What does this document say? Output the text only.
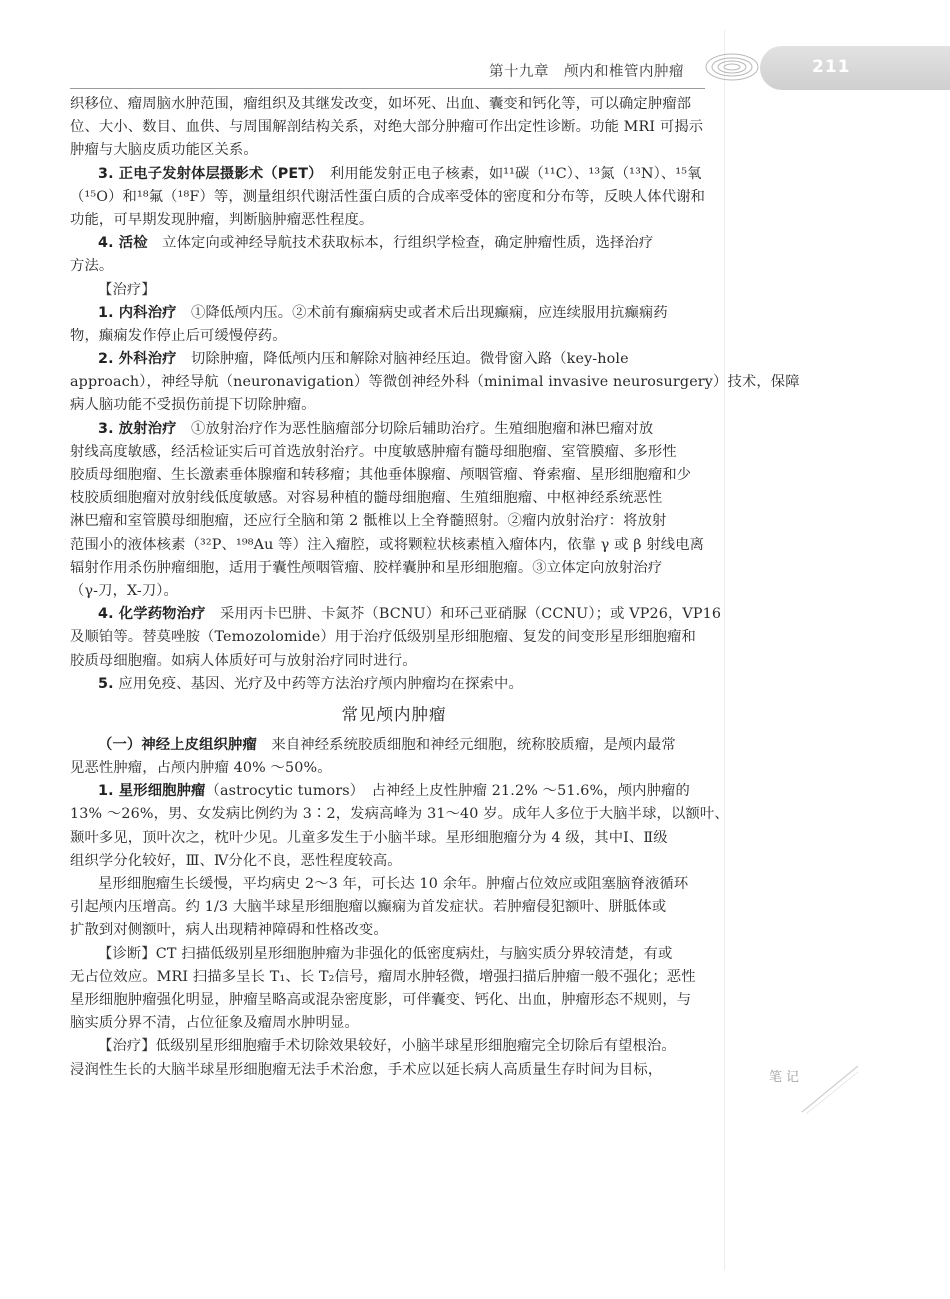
第十九章　颅内和椎管内肿瘤	211
织移位、瘤周脑水肿范围，瘤组织及其继发改变，如坏死、出血、囊变和钙化等，可以确定肿瘤部
位、大小、数目、血供、与周围解剖结构关系，对绝大部分肿瘤可作出定性诊断。功能 MRI 可揭示
肿瘤与大脑皮质功能区关系。
3. 正电子发射体层摄影术（PET）　利用能发射正电子核素，如¹¹碳（¹¹C）、¹³氮（¹³N）、¹⁵氧
（¹⁵O）和¹⁸氟（¹⁸F）等，测量组织代谢活性蛋白质的合成率受体的密度和分布等，反映人体代谢和
功能，可早期发现肿瘤，判断脑肿瘤恶性程度。
4. 活检　立体定向或神经导航技术获取标本，行组织学检查，确定肿瘤性质，选择治疗
方法。
【治疗】
1. 内科治疗　①降低颅内压。②术前有癫痫病史或者术后出现癫痫，应连续服用抗癫痫药
物，癫痫发作停止后可缓慢停药。
2. 外科治疗　切除肿瘤，降低颅内压和解除对脑神经压迫。微骨窗入路（key-hole
approach），神经导航（neuronavigation）等微创神经外科（minimal invasive neurosurgery）技术，保障
病人脑功能不受损伤前提下切除肿瘤。
3. 放射治疗　①放射治疗作为恶性脑瘤部分切除后辅助治疗。生殖细胞瘤和淋巴瘤对放
射线高度敏感，经活检证实后可首选放射治疗。中度敏感肿瘤有髓母细胞瘤、室管膜瘤、多形性
胶质母细胞瘤、生长激素垂体腺瘤和转移瘤；其他垂体腺瘤、颅咽管瘤、脊索瘤、星形细胞瘤和少
枝胶质细胞瘤对放射线低度敏感。对容易种植的髓母细胞瘤、生殖细胞瘤、中枢神经系统恶性
淋巴瘤和室管膜母细胞瘤，还应行全脑和第 2 骶椎以上全脊髓照射。②瘤内放射治疗：将放射
范围小的液体核素（³²P、¹⁹⁸Au 等）注入瘤腔，或将颗粒状核素植入瘤体内，依靠 γ 或 β 射线电离
辐射作用杀伤肿瘤细胞，适用于囊性颅咽管瘤、胶样囊肿和星形细胞瘤。③立体定向放射治疗
（γ-刀，X-刀）。
4. 化学药物治疗　采用丙卡巴肼、卡氮芥（BCNU）和环己亚硝脲（CCNU）；或 VP26，VP16
及顺铂等。替莫唑胺（Temozolomide）用于治疗低级别星形细胞瘤、复发的间变形星形细胞瘤和
胶质母细胞瘤。如病人体质好可与放射治疗同时进行。
5. 应用免疫、基因、光疗及中药等方法治疗颅内肿瘤均在探索中。
常见颅内肿瘤
（一）神经上皮组织肿瘤　来自神经系统胶质细胞和神经元细胞，统称胶质瘤，是颅内最常
见恶性肿瘤，占颅内肿瘤 40% ～50%。
1. 星形细胞肿瘤（astrocytic tumors）　占神经上皮性肿瘤 21.2% ～51.6%，颅内肿瘤的
13% ～26%，男、女发病比例约为 3∶2，发病高峰为 31～40 岁。成年人多位于大脑半球，以额叶、
颞叶多见，顶叶次之，枕叶少见。儿童多发生于小脑半球。星形细胞瘤分为 4 级，其中Ⅰ、Ⅱ级
组织学分化较好，Ⅲ、Ⅳ分化不良，恶性程度较高。
星形细胞瘤生长缓慢，平均病史 2～3 年，可长达 10 余年。肿瘤占位效应或阻塞脑脊液循环
引起颅内压增高。约 1/3 大脑半球星形细胞瘤以癫痫为首发症状。若肿瘤侵犯额叶、胼胝体或
扩散到对侧额叶，病人出现精神障碍和性格改变。
【诊断】CT 扫描低级别星形细胞肿瘤为非强化的低密度病灶，与脑实质分界较清楚，有或
无占位效应。MRI 扫描多呈长 T₁、长 T₂信号，瘤周水肿轻微，增强扫描后肿瘤一般不强化；恶性
星形细胞肿瘤强化明显，肿瘤呈略高或混杂密度影，可伴囊变、钙化、出血，肿瘤形态不规则，与
脑实质分界不清，占位征象及瘤周水肿明显。
【治疗】低级别星形细胞瘤手术切除效果较好，小脑半球星形细胞瘤完全切除后有望根治。
浸润性生长的大脑半球星形细胞瘤无法手术治愈，手术应以延长病人高质量生存时间为目标，	笔记
